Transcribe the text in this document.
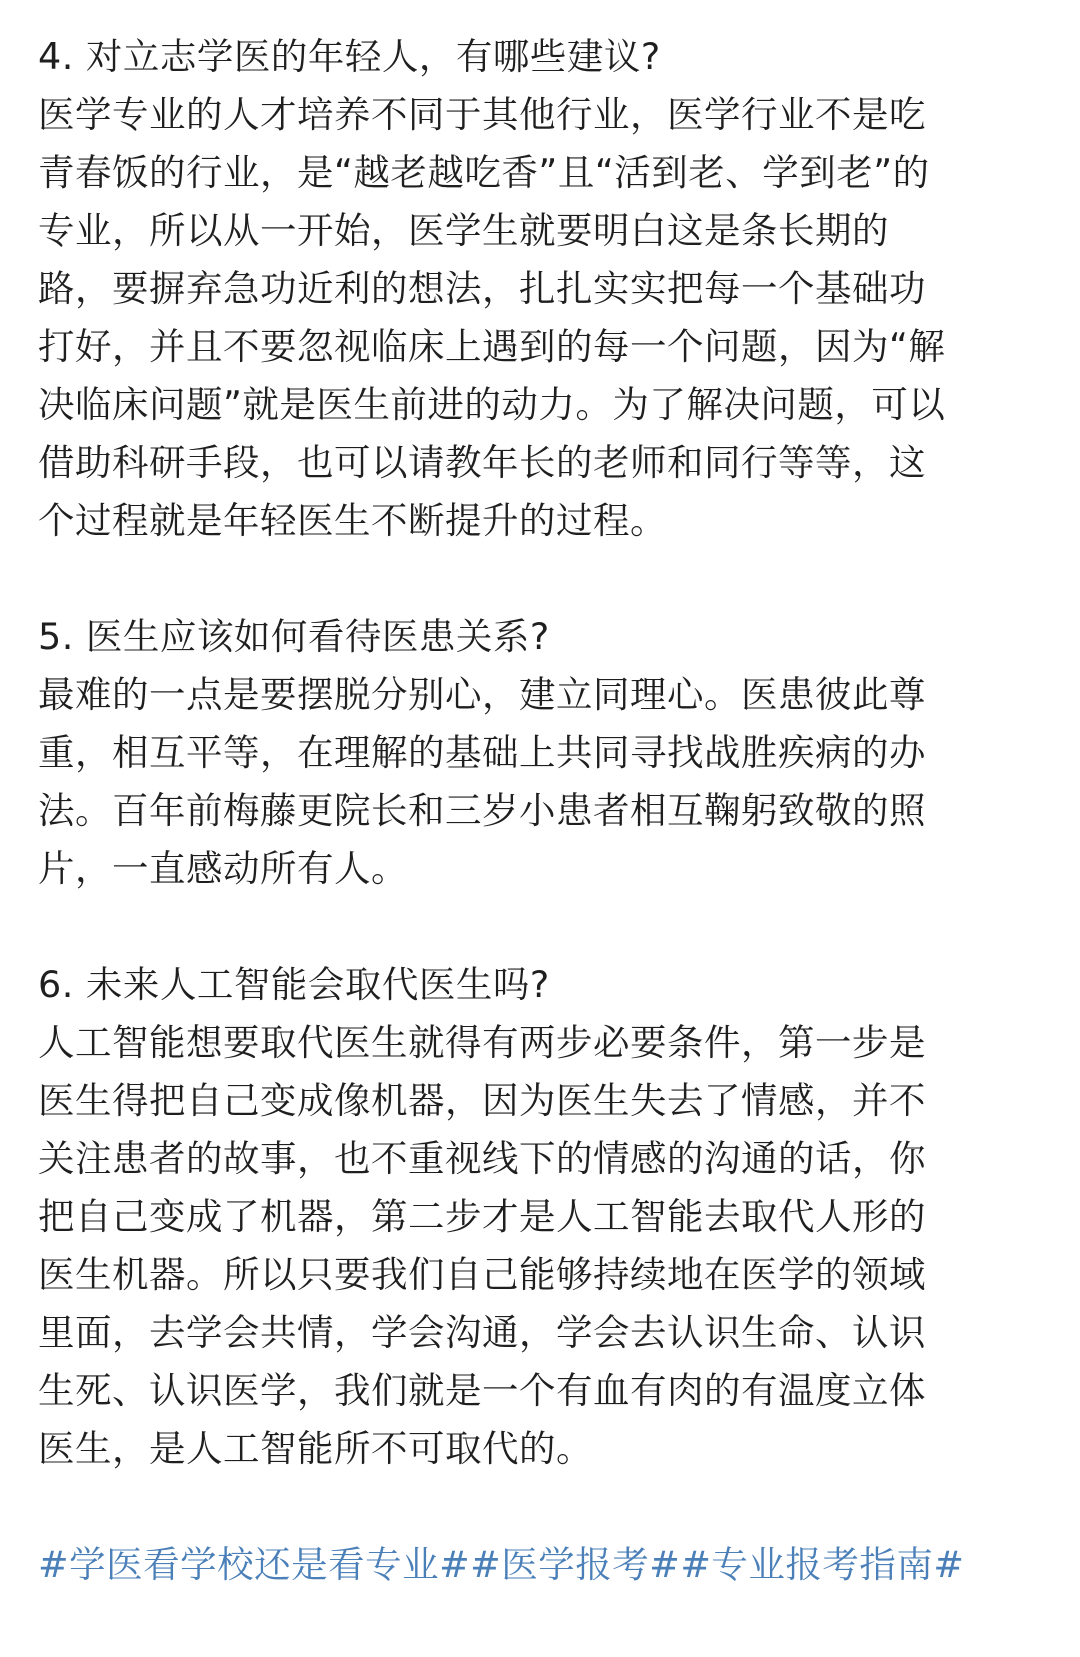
4. 对立志学医的年轻人，有哪些建议?

医学专业的人才培养不同于其他行业，医学行业不是吃

青春饭的行业，是“越老越吃香”且“活到老、学到老”的

专业，所以从一开始，医学生就要明白这是条长期的

路，要摒弃急功近利的想法，扎扎实实把每一个基础功

打好，并且不要忽视临床上遇到的每一个问题，因为“解

决临床问题”就是医生前进的动力。为了解决问题，可以

借助科研手段，也可以请教年长的老师和同行等等，这

个过程就是年轻医生不断提升的过程。

5. 医生应该如何看待医患关系?

最难的一点是要摆脱分别心，建立同理心。医患彼此尊

重，相互平等，在理解的基础上共同寻找战胜疾病的办

法。百年前梅藤更院长和三岁小患者相互鞠躬致敬的照

片，一直感动所有人。

6. 未来人工智能会取代医生吗?

人工智能想要取代医生就得有两步必要条件，第一步是

医生得把自己变成像机器，因为医生失去了情感，并不

关注患者的故事，也不重视线下的情感的沟通的话，你

把自己变成了机器，第二步才是人工智能去取代人形的

医生机器。所以只要我们自己能够持续地在医学的领域

里面，去学会共情，学会沟通，学会去认识生命、认识

生死、认识医学，我们就是一个有血有肉的有温度立体

医生，是人工智能所不可取代的。

#学医看学校还是看专业##医学报考##专业报考指南#
